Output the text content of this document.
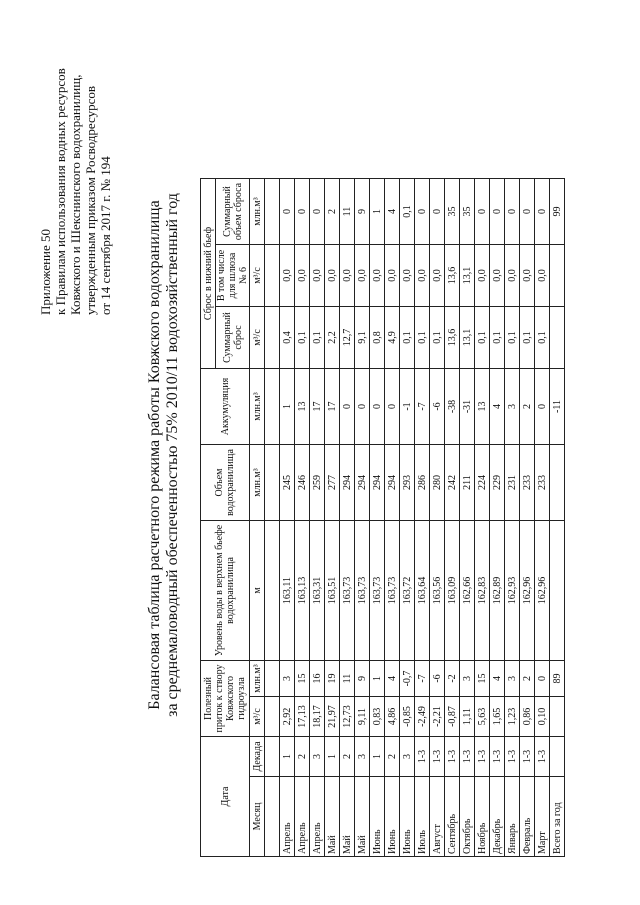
Приложение 50 к Правилам использования водных ресурсов Ковжского и Шекснинского водохранилищ, утвержденным приказом Росводресурсов от 14 сентября 2017 г. № 194 Балансовая таблица расчетного режима работы Ковжского водохранилища за среднемаловодный обеспеченностью 75% 2010/11 водохозяйственный год
Дата		Полезный приток к створу Ковжского гидроузла		Уровень воды в верхнем бьефе водохранилища	Объем водохранилища	Аккумуляция	Сброс в нижний бьеф		
							Суммарный сброс	В том числе для шлюза № 6	Суммарный объем сброса
Месяц	Декада	м³/с	млн.м³	м	млн.м³	млн.м³	м³/с	м³/с	млн.м³

Апрель	1	2,92	3	163,11	245	1	0,4	0,0	0
Апрель	2	17,13	15	163,13	246	13	0,1	0,0	0
Апрель	3	18,17	16	163,31	259	17	0,1	0,0	0
Май	1	21,97	19	163,51	277	17	2,2	0,0	2
Май	2	12,73	11	163,73	294	0	12,7	0,0	11
Май	3	9,11	9	163,73	294	0	9,1	0,0	9
Июнь	1	0,83	1	163,73	294	0	0,8	0,0	1
Июнь	2	4,86	4	163,73	294	0	4,9	0,0	4
Июнь	3	-0,85	-0,7	163,72	293	-1	0,1	0,0	0,1
Июль	1-3	-2,49	-7	163,64	286	-7	0,1	0,0	0
Август	1-3	-2,21	-6	163,56	280	-6	0,1	0,0	0
Сентябрь	1-3	-0,87	-2	163,09	242	-38	13,6	13,6	35
Октябрь	1-3	1,11	3	162,66	211	-31	13,1	13,1	35
Ноябрь	1-3	5,63	15	162,83	224	13	0,1	0,0	0
Декабрь	1-3	1,65	4	162,89	229	4	0,1	0,0	0
Январь	1-3	1,23	3	162,93	231	3	0,1	0,0	0
Февраль	1-3	0,86	2	162,96	233	2	0,1	0,0	0
Март	1-3	0,10	0	162,96	233	0	0,1	0,0	0
Всего за год			89			-11			99
